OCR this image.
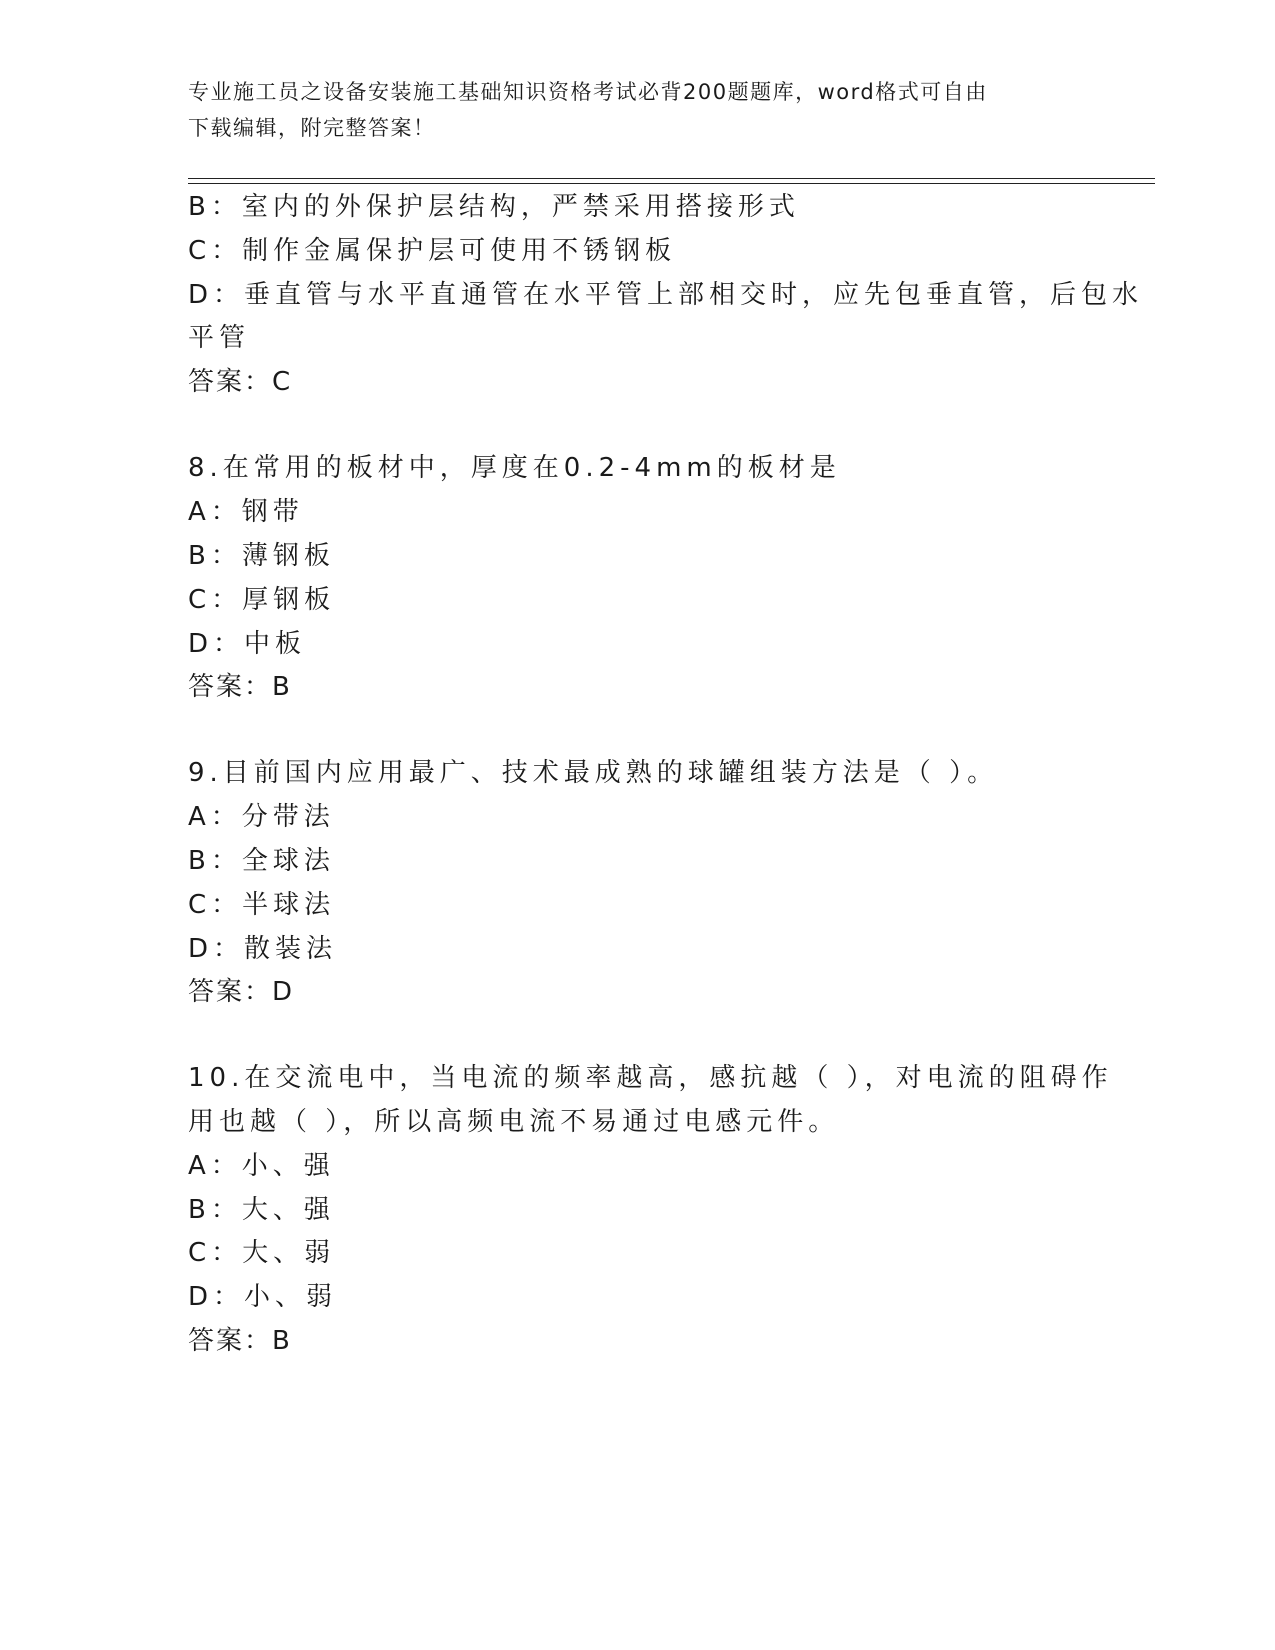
专业施工员之设备安装施工基础知识资格考试必背200题题库，word格式可自由
下载编辑，附完整答案！
B：室内的外保护层结构，严禁采用搭接形式
C：制作金属保护层可使用不锈钢板
D：垂直管与水平直通管在水平管上部相交时，应先包垂直管，后包水
平管
答案：C
8.在常用的板材中，厚度在0.2-4mm的板材是
A：钢带
B：薄钢板
C：厚钢板
D：中板
答案：B
9.目前国内应用最广、技术最成熟的球罐组装方法是（ ）。
A：分带法
B：全球法
C：半球法
D：散装法
答案：D
10.在交流电中，当电流的频率越高，感抗越（ ），对电流的阻碍作
用也越（ ），所以高频电流不易通过电感元件。
A：小、强
B：大、强
C：大、弱
D：小、弱
答案：B
